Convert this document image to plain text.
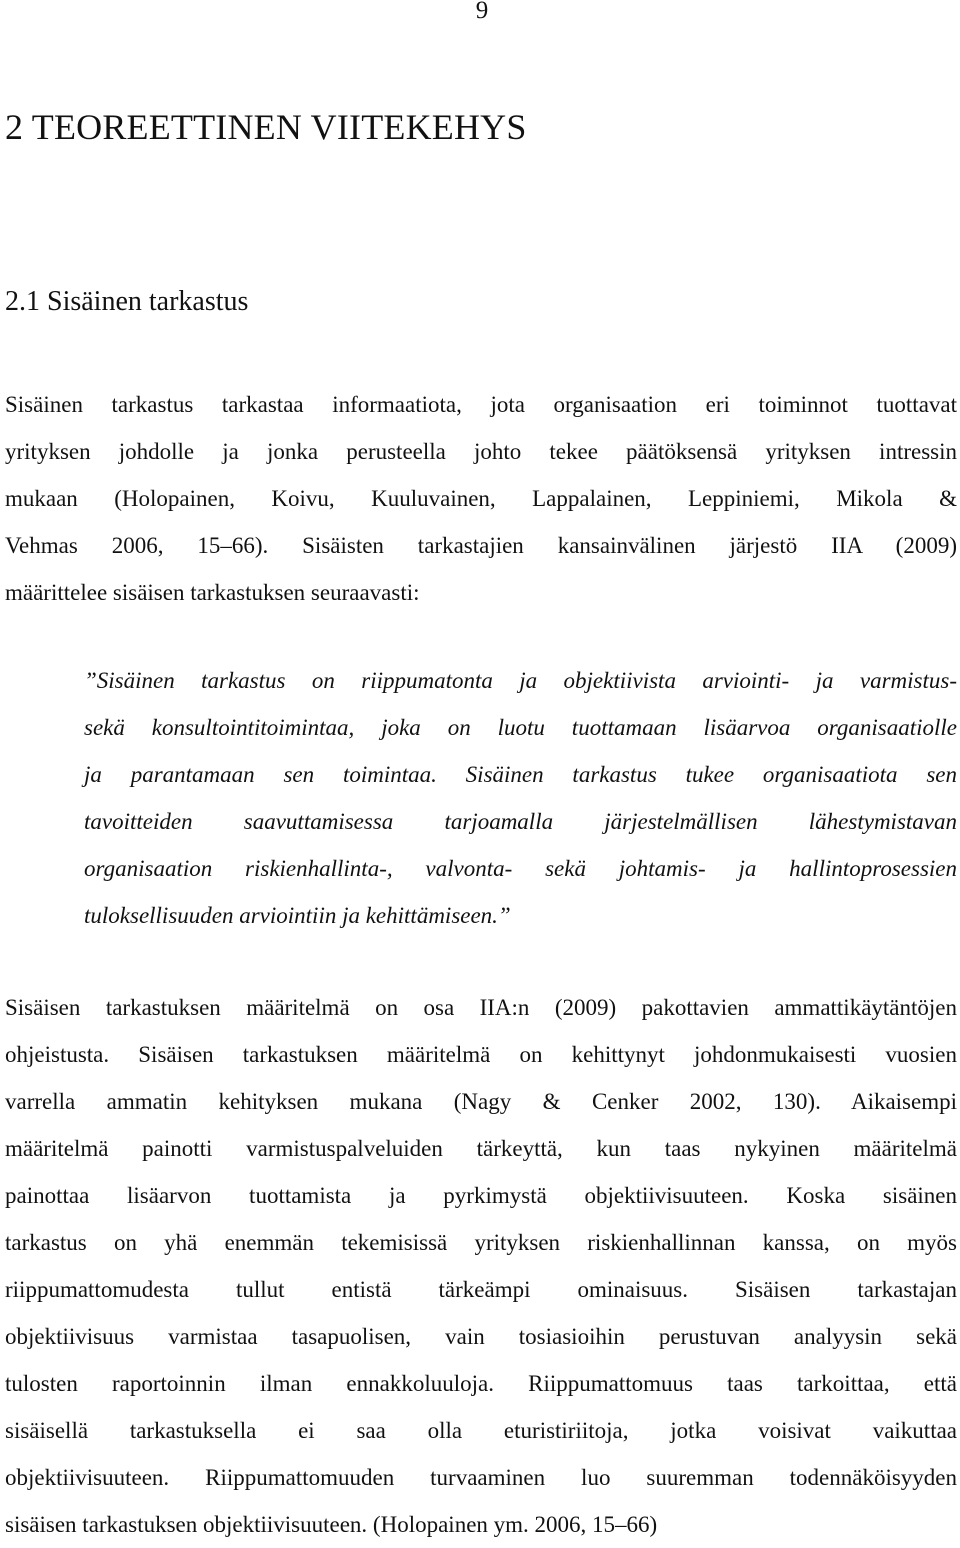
9
2 TEOREETTINEN VIITEKEHYS
2.1 Sisäinen tarkastus

Sisäinen tarkastus tarkastaa informaatiota, jota organisaation eri toiminnot tuottavat
yrityksen johdolle ja jonka perusteella johto tekee päätöksensä yrityksen intressin
mukaan (Holopainen, Koivu, Kuuluvainen, Lappalainen, Leppiniemi, Mikola &
Vehmas 2006, 15–66). Sisäisten tarkastajien kansainvälinen järjestö IIA (2009)
määrittelee sisäisen tarkastuksen seuraavasti:

”Sisäinen tarkastus on riippumatonta ja objektiivista arviointi- ja varmistus-
sekä konsultointitoimintaa, joka on luotu tuottamaan lisäarvoa organisaatiolle
ja parantamaan sen toimintaa. Sisäinen tarkastus tukee organisaatiota sen
tavoitteiden saavuttamisessa tarjoamalla järjestelmällisen lähestymistavan
organisaation riskienhallinta-, valvonta- sekä johtamis- ja hallintoprosessien
tuloksellisuuden arviointiin ja kehittämiseen.”

Sisäisen tarkastuksen määritelmä on osa IIA:n (2009) pakottavien ammattikäytäntöjen
ohjeistusta. Sisäisen tarkastuksen määritelmä on kehittynyt johdonmukaisesti vuosien
varrella ammatin kehityksen mukana (Nagy & Cenker 2002, 130). Aikaisempi
määritelmä painotti varmistuspalveluiden tärkeyttä, kun taas nykyinen määritelmä
painottaa lisäarvon tuottamista ja pyrkimystä objektiivisuuteen. Koska sisäinen
tarkastus on yhä enemmän tekemisissä yrityksen riskienhallinnan kanssa, on myös
riippumattomudesta tullut entistä tärkeämpi ominaisuus. Sisäisen tarkastajan
objektiivisuus varmistaa tasapuolisen, vain tosiasioihin perustuvan analyysin sekä
tulosten raportoinnin ilman ennakkoluuloja. Riippumattomuus taas tarkoittaa, että
sisäisellä tarkastuksella ei saa olla eturistiriitoja, jotka voisivat vaikuttaa
objektiivisuuteen. Riippumattomuuden turvaaminen luo suuremman todennäköisyyden
sisäisen tarkastuksen objektiivisuuteen. (Holopainen ym. 2006, 15–66)
